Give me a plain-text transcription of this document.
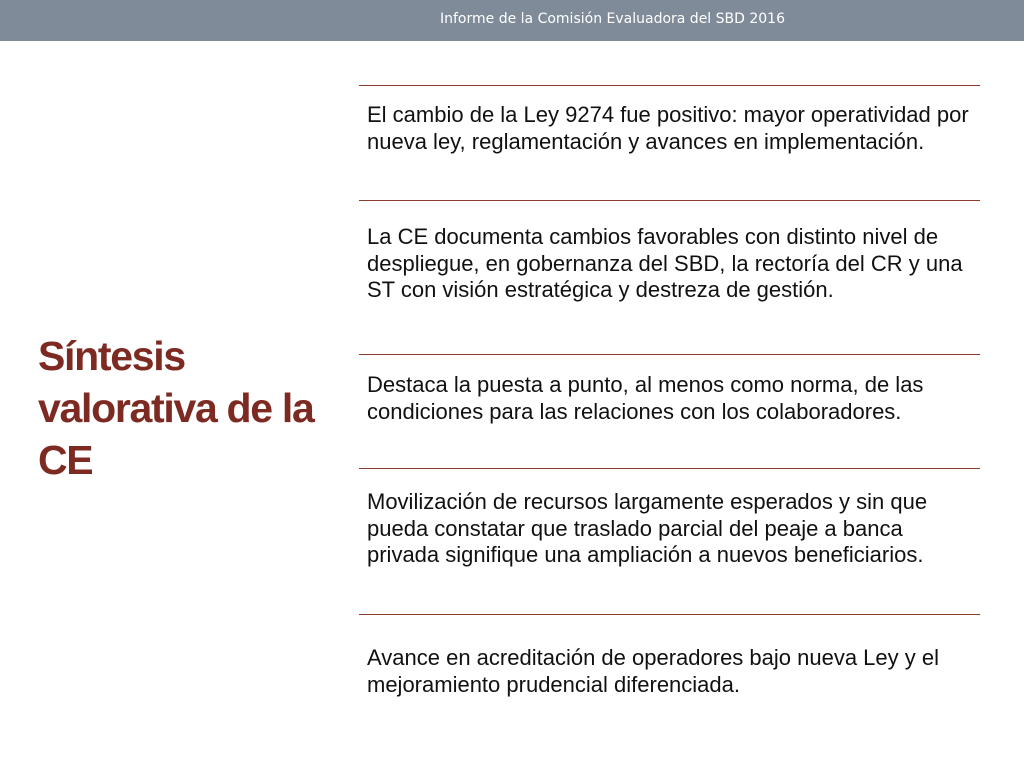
Informe de la Comisión Evaluadora del SBD 2016
Síntesis valorativa de la CE
El cambio de la Ley 9274 fue positivo: mayor operatividad por nueva ley, reglamentación y avances en implementación.
La CE documenta cambios favorables con distinto nivel de despliegue, en gobernanza del SBD, la rectoría del CR y una ST con visión estratégica y destreza de gestión.
Destaca la puesta a punto, al menos como norma, de las condiciones para las relaciones con los colaboradores.
Movilización de recursos largamente esperados y sin que pueda constatar que traslado parcial del peaje a banca privada signifique una ampliación a nuevos beneficiarios.
Avance en acreditación de operadores bajo nueva Ley y el mejoramiento prudencial diferenciada.
